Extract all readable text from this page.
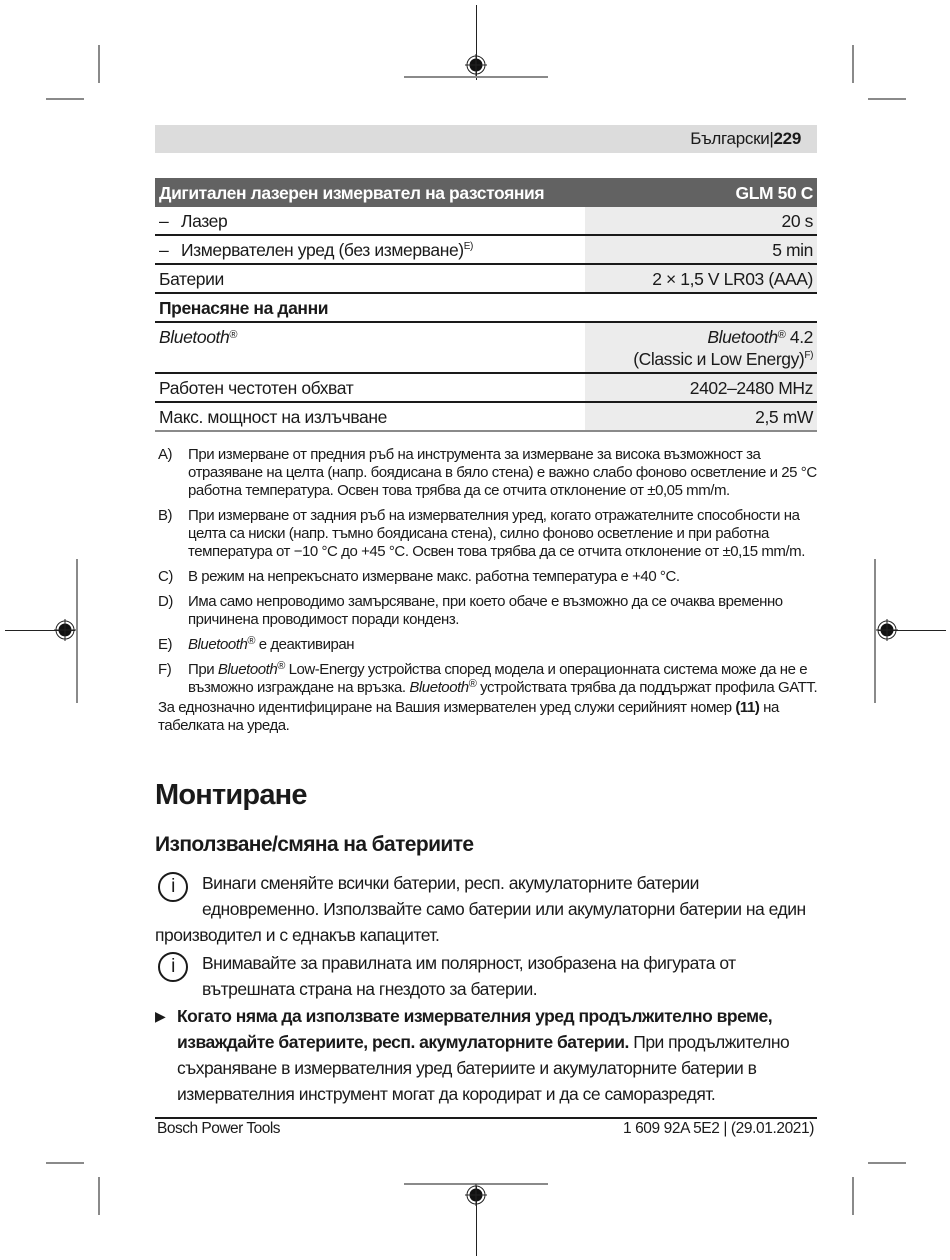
Български|229
Дигитален лазерен измервател на разстояния	GLM 50 C
– Лазер	20 s
– Измервателен уред (без измерване)$^{E)}$	5 min
Батерии	2 × 1,5 V LR03 (AAA)
Пренасяне на данни	
Bluetooth®	Bluetooth® 4.2
(Classic и Low Energy)$^{F)}$
Работен честотен обхват	2402–2480 MHz
Макс. мощност на излъчване	2,5 mW
A)	При измерване от предния ръб на инструмента за измерване за висока възможност за отразяване на целта (напр. боядисана в бяло стена) е важно слабо фоново осветление и 25 °C работна температура. Освен това трябва да се отчита отклонение от ±0,05 mm/m.
B)	При измерване от задния ръб на измервателния уред, когато отражателните способности на целта са ниски (напр. тъмно боядисана стена), силно фоново осветление и при работна температура от −10 °C до +45 °C. Освен това трябва да се отчита отклонение от ±0,15 mm/m.
C)	В режим на непрекъснато измерване макс. работна температура е +40 °C.
D)	Има само непроводимо замърсяване, при което обаче е възможно да се очаква временно причинена проводимост поради конденз.
E)	Bluetooth® е деактивиран
F)	При Bluetooth® Low-Energy устройства според модела и операционната система може да не е възможно изграждане на връзка. Bluetooth® устройствата трябва да поддържат профила GATT.
За еднозначно идентифициране на Вашия измервателен уред служи серийният номер (11) на табелката на уреда.
Монтиране
Използване/смяна на батериите
i	Винаги сменяйте всички батерии, респ. акумулаторните батерии едновременно. Използвайте само батерии или акумулаторни батерии на един производител и с еднакъв капацитет.
i	Внимавайте за правилната им полярност, изобразена на фигурата от вътрешната страна на гнездото за батерии.
▶ Когато няма да използвате измервателния уред продължително време, изваждайте батериите, респ. акумулаторните батерии. При продължително съхраняване в измервателния уред батериите и акумулаторните батерии в измервателния инструмент могат да кородират и да се саморазредят.
Bosch Power Tools	1 609 92A 5E2 | (29.01.2021)
